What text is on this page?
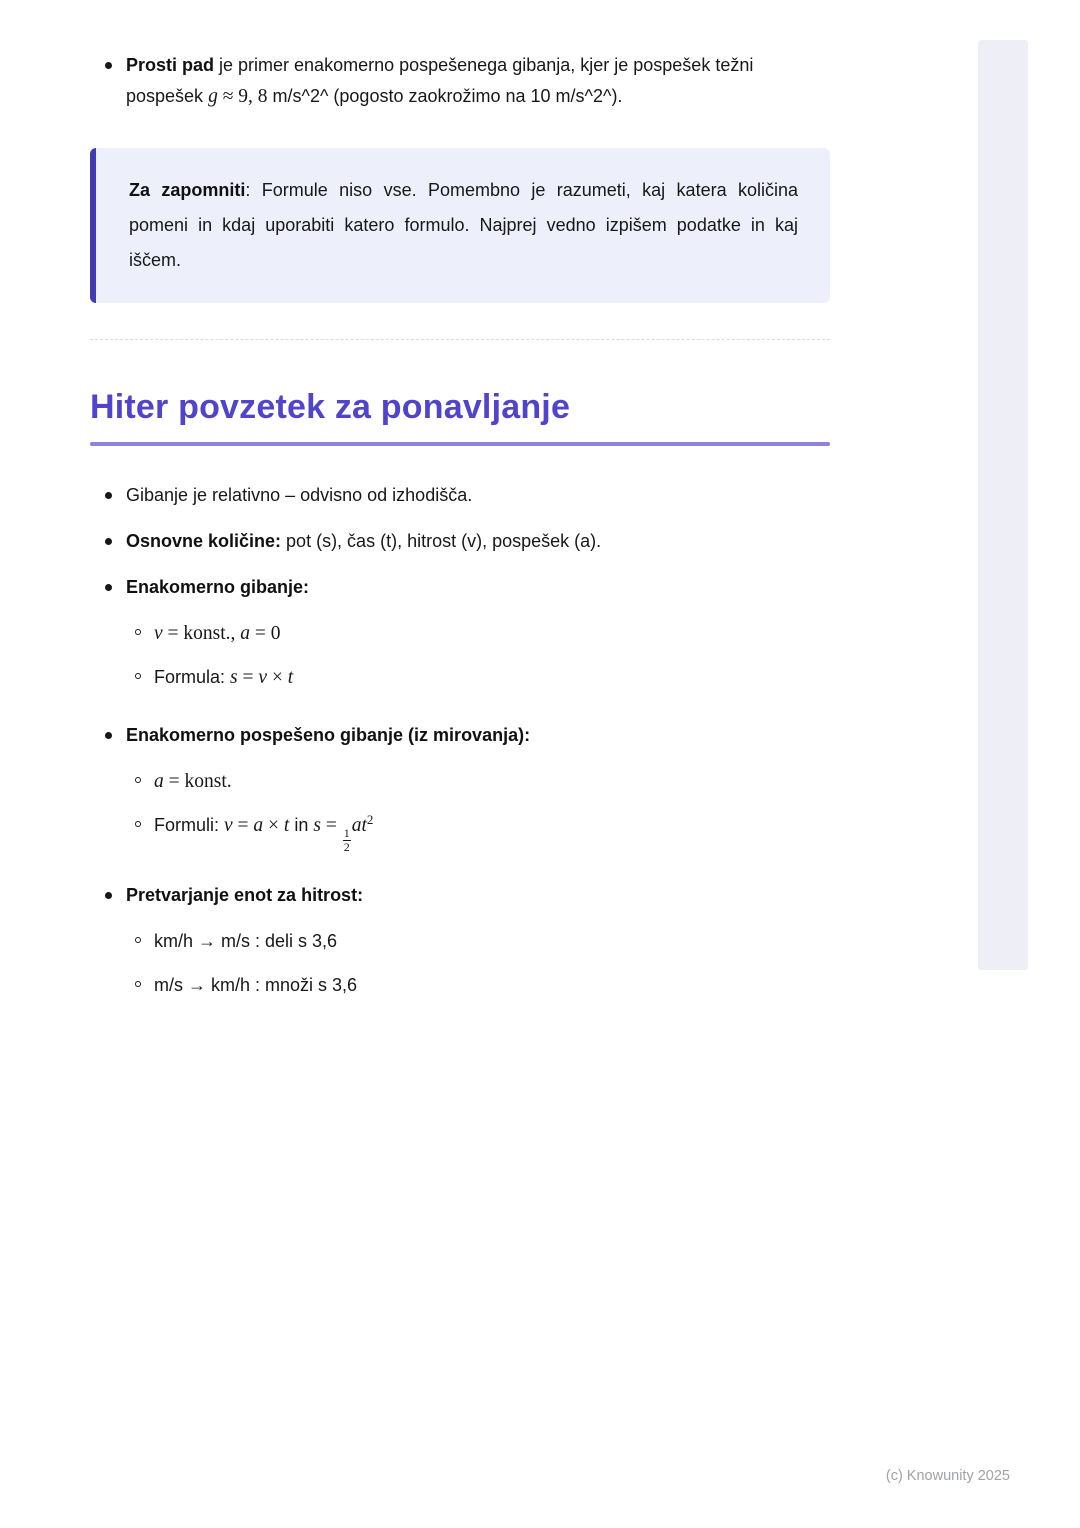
Prosti pad je primer enakomerno pospešenega gibanja, kjer je pospešek težni pospešek g ≈ 9, 8 m/s^2^ (pogosto zaokrožimo na 10 m/s^2^).

Za zapomniti: Formule niso vse. Pomembno je razumeti, kaj katera količina pomeni in kdaj uporabiti katero formulo. Najprej vedno izpišem podatke in kaj iščem.

Hiter povzetek za ponavljanje
Gibanje je relativno – odvisno od izhodišča.
Osnovne količine: pot (s), čas (t), hitrost (v), pospešek (a).
Enakomerno gibanje:
v = konst., a = 0
Formula: s = v × t
Enakomerno pospešeno gibanje (iz mirovanja):
a = konst.
Formuli: v = a × t in s =
$\frac{1}{2}$
$at^2$
Pretvarjanje enot za hitrost:
km/h → m/s : deli s 3,6
m/s → km/h : množi s 3,6
(c) Knowunity 2025
